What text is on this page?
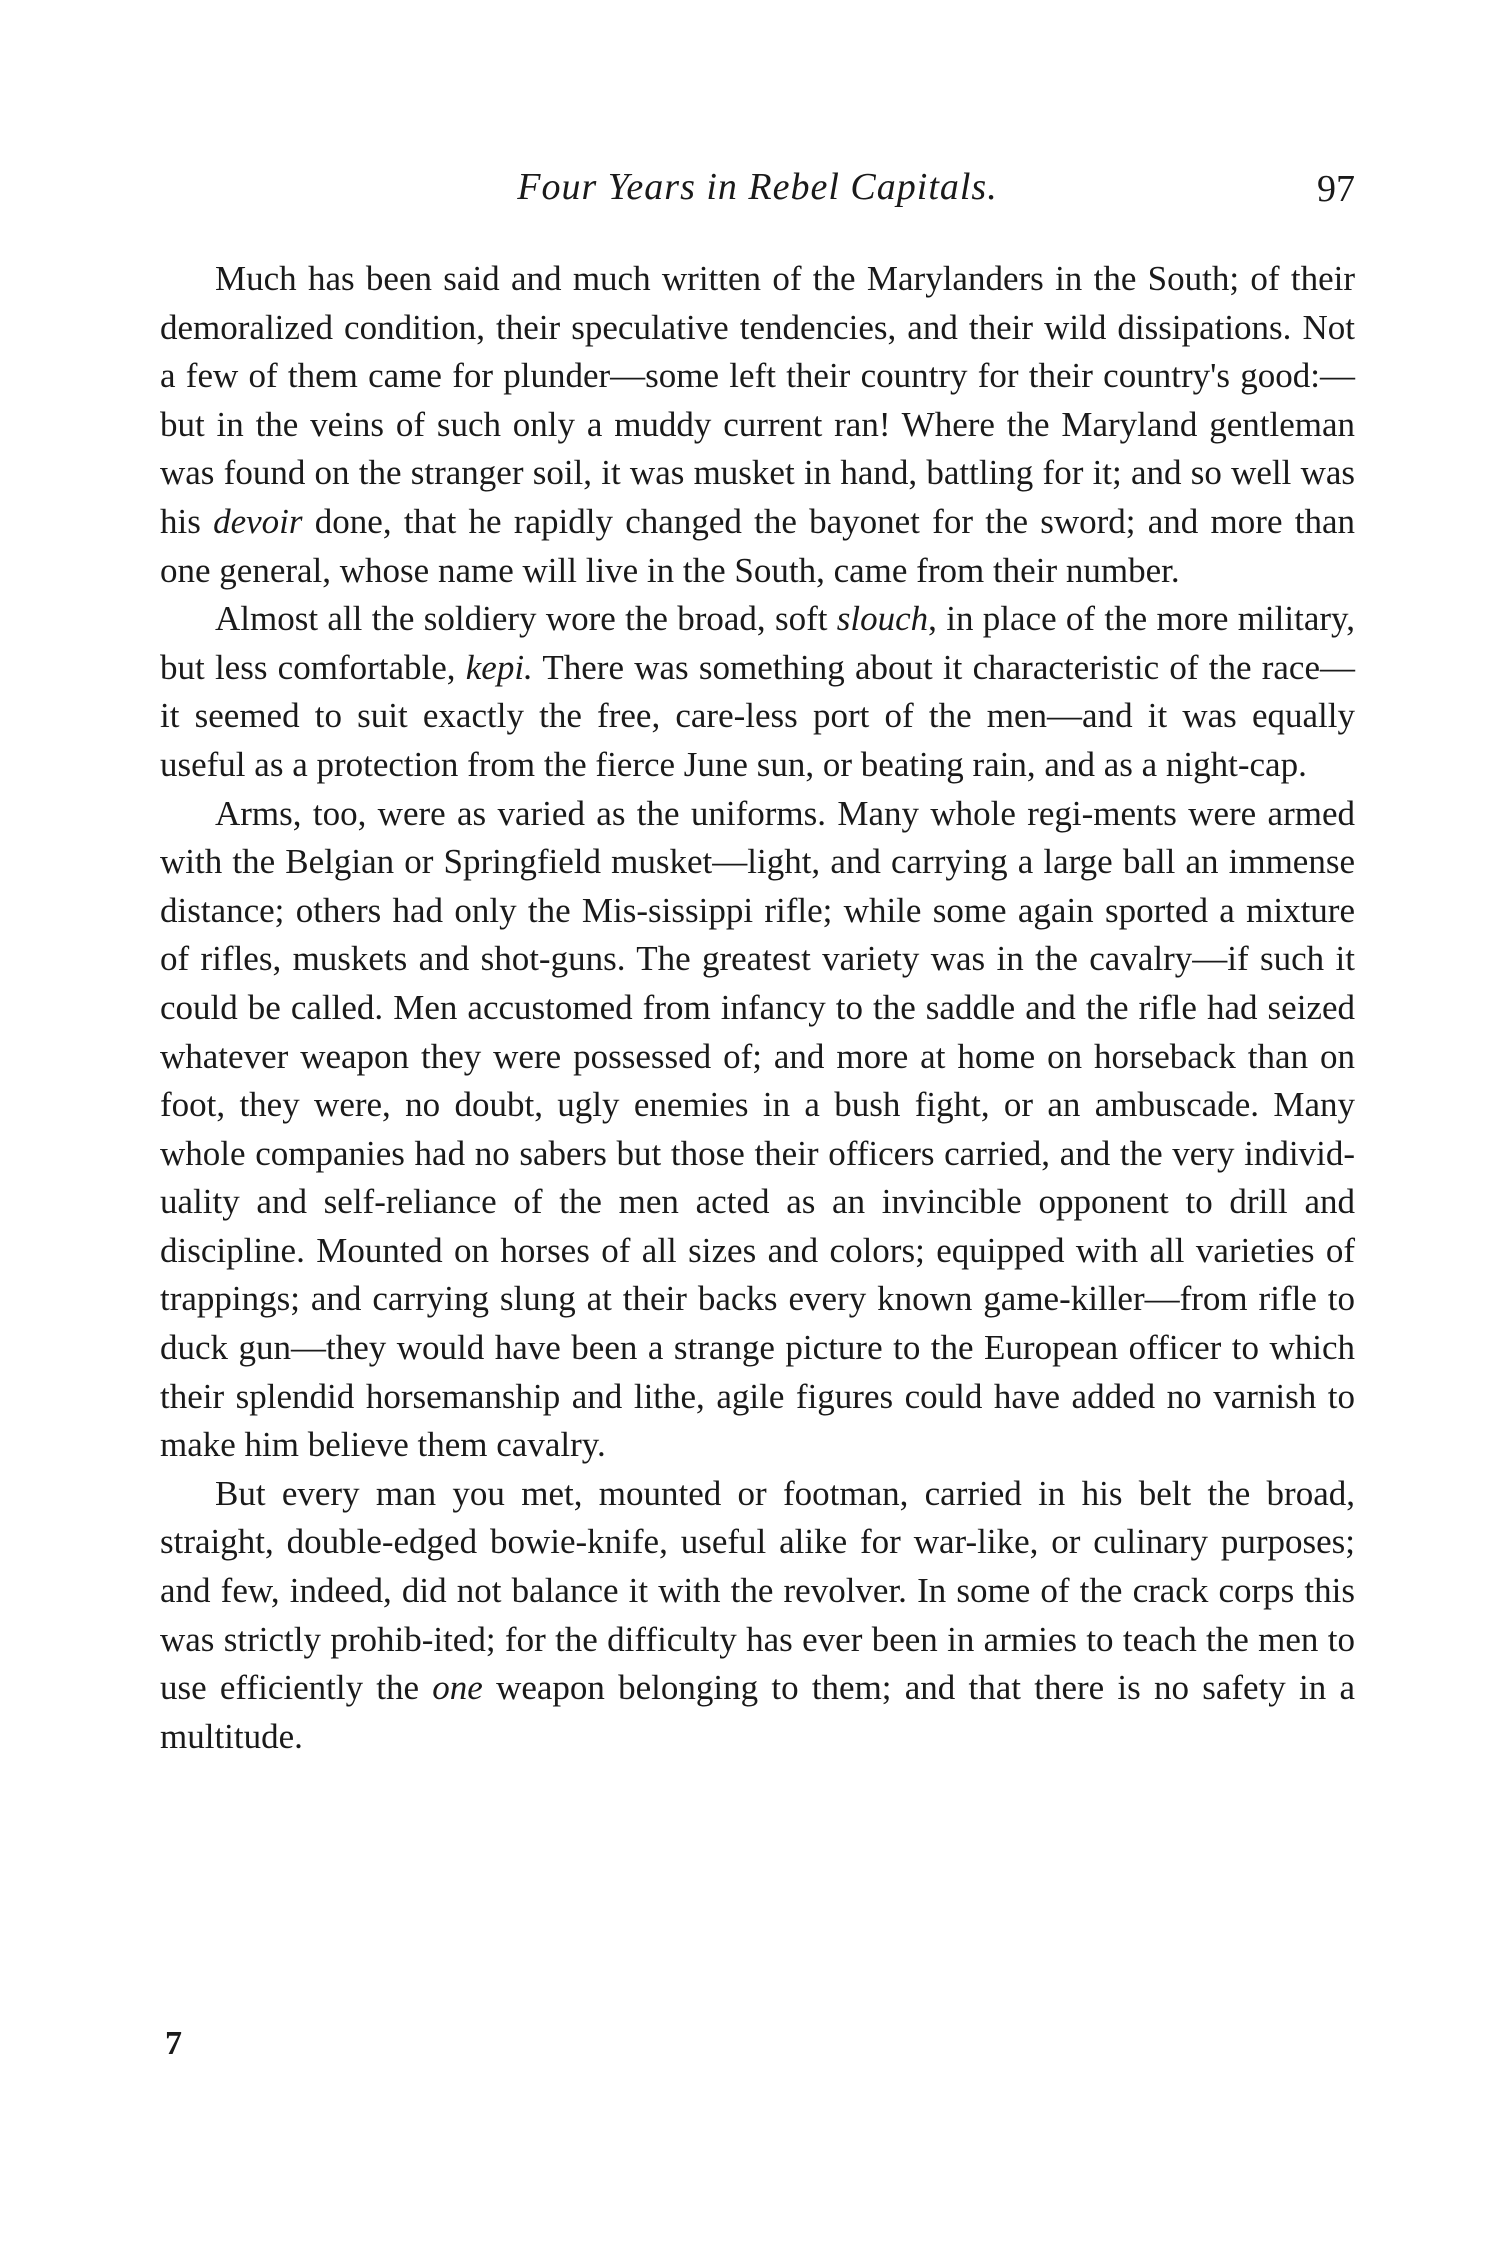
Four Years in Rebel Capitals.	97

Much has been said and much written of the Marylanders in the South; of their demoralized condition, their speculative tendencies, and their wild dissipations. Not a few of them came for plunder—some left their country for their country's good:—but in the veins of such only a muddy current ran! Where the Maryland gentleman was found on the stranger soil, it was musket in hand, battling for it; and so well was his devoir done, that he rapidly changed the bayonet for the sword; and more than one general, whose name will live in the South, came from their number.

Almost all the soldiery wore the broad, soft slouch, in place of the more military, but less comfortable, kepi. There was something about it characteristic of the race—it seemed to suit exactly the free, care-less port of the men—and it was equally useful as a protection from the fierce June sun, or beating rain, and as a night-cap.

Arms, too, were as varied as the uniforms. Many whole regi-ments were armed with the Belgian or Springfield musket—light, and carrying a large ball an immense distance; others had only the Mis-sissippi rifle; while some again sported a mixture of rifles, muskets and shot-guns. The greatest variety was in the cavalry—if such it could be called. Men accustomed from infancy to the saddle and the rifle had seized whatever weapon they were possessed of; and more at home on horseback than on foot, they were, no doubt, ugly enemies in a bush fight, or an ambuscade. Many whole companies had no sabers but those their officers carried, and the very individ-uality and self-reliance of the men acted as an invincible opponent to drill and discipline. Mounted on horses of all sizes and colors; equipped with all varieties of trappings; and carrying slung at their backs every known game-killer—from rifle to duck gun—they would have been a strange picture to the European officer to which their splendid horsemanship and lithe, agile figures could have added no varnish to make him believe them cavalry.

But every man you met, mounted or footman, carried in his belt the broad, straight, double-edged bowie-knife, useful alike for war-like, or culinary purposes; and few, indeed, did not balance it with the revolver. In some of the crack corps this was strictly prohib-ited; for the difficulty has ever been in armies to teach the men to use efficiently the one weapon belonging to them; and that there is no safety in a multitude.

7
